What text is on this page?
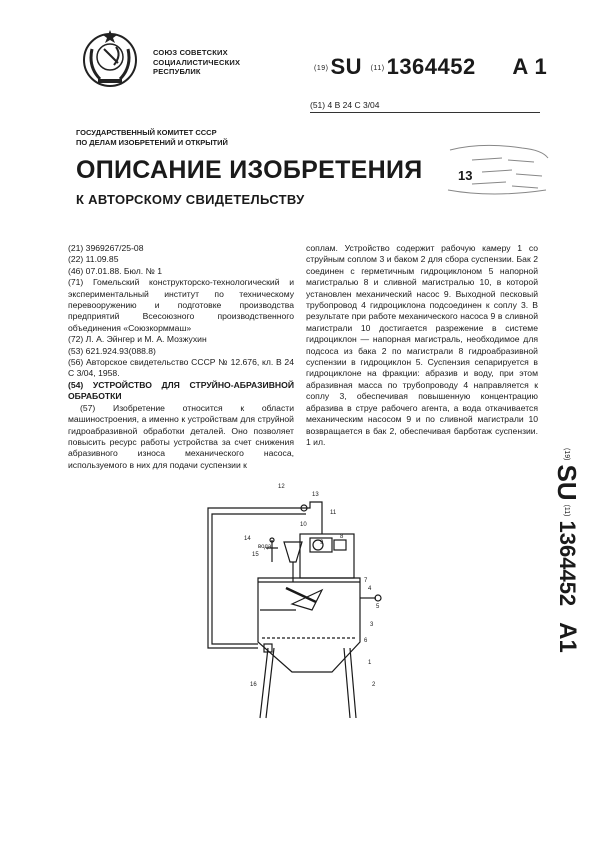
СОЮЗ СОВЕТСКИХ
СОЦИАЛИСТИЧЕСКИХ
РЕСПУБЛИК	(19)SU (11)1364452 A 1
(51) 4 B 24 C 3/04
ГОСУДАРСТВЕННЫЙ КОМИТЕТ СССР
ПО ДЕЛАМ ИЗОБРЕТЕНИЙ И ОТКРЫТИЙ
ОПИСАНИЕ ИЗОБРЕТЕНИЯ
К АВТОРСКОМУ СВИДЕТЕЛЬСТВУ
13

(21) 3969267/25-08

(22) 11.09.85

(46) 07.01.88. Бюл. № 1

(71) Гомельский конструкторско-технологический и экспериментальный институт по техническому перевооружению и подготовке производства предприятий Всесоюзного производственного объединения «Союзкорммаш»

(72) Л. А. Эйнгер и М. А. Мозжухин

(53) 621.924.93(088.8)

(56) Авторское свидетельство СССР № 12.676, кл. В 24 С 3/04, 1958.

(54) УСТРОЙСТВО ДЛЯ СТРУЙНО-АБРАЗИВНОЙ ОБРАБОТКИ

(57) Изобретение относится к области машиностроения, а именно к устройствам для струйной гидроабразивной обработки деталей. Оно позволяет повысить ресурс работы устройства за счет снижения абразивного износа механического насоса, используемого в них для подачи суспензии к

соплам. Устройство содержит рабочую камеру 1 со струйным соплом 3 и баком 2 для сбора суспензии. Бак 2 соединен с герметичным гидроциклоном 5 напорной магистралью 8 и сливной магистралью 10, в которой установлен механический насос 9. Выходной песковый трубопровод 4 гидроциклона подсоединен к соплу 3. В результате при работе механического насоса 9 в сливной магистрали 10 достигается разрежение в системе гидроциклон — напорная магистраль, необходимое для подсоса из бака 2 по магистрали 8 гидроабразивной суспензии в гидроциклон 5. Суспензия сепарируется в гидроциклоне на фракции: абразив и воду, при этом абразивная масса по трубопроводу 4 направляется к соплу 3, обеспечивая повышенную концентрацию абразива в струе рабочего агента, а вода откачивается механическим насосом 9 и по сливной магистрали 10 возвращается в бак 2, обеспечивая барботаж суспензии. 1 ил.

(19)
SU
(11)
1364452
A1
вода
9
11
12
13
14
15
16
8
7
4
5
3
6
1
2
10
